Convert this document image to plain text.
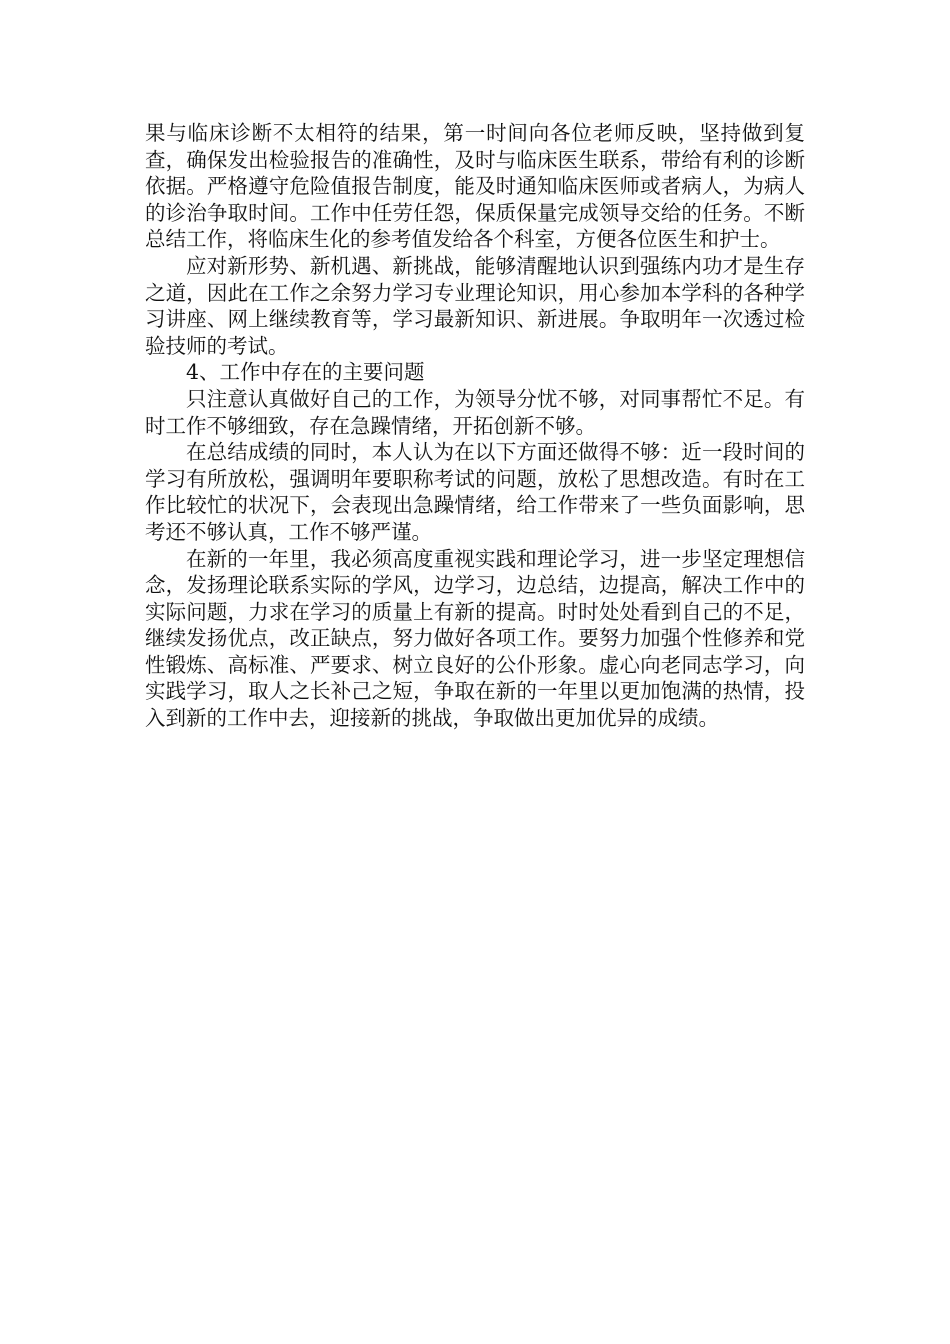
果与临床诊断不太相符的结果，第一时间向各位老师反映，坚持做到复查，确保发出检验报告的准确性，及时与临床医生联系，带给有利的诊断依据。严格遵守危险值报告制度，能及时通知临床医师或者病人，为病人的诊治争取时间。工作中任劳任怨，保质保量完成领导交给的任务。不断总结工作，将临床生化的参考值发给各个科室，方便各位医生和护士。

应对新形势、新机遇、新挑战，能够清醒地认识到强练内功才是生存之道，因此在工作之余努力学习专业理论知识，用心参加本学科的各种学习讲座、网上继续教育等，学习最新知识、新进展。争取明年一次透过检验技师的考试。

4、工作中存在的主要问题

只注意认真做好自己的工作，为领导分忧不够，对同事帮忙不足。有时工作不够细致，存在急躁情绪，开拓创新不够。

在总结成绩的同时，本人认为在以下方面还做得不够：近一段时间的学习有所放松，强调明年要职称考试的问题，放松了思想改造。有时在工作比较忙的状况下，会表现出急躁情绪，给工作带来了一些负面影响，思考还不够认真，工作不够严谨。

在新的一年里，我必须高度重视实践和理论学习，进一步坚定理想信念，发扬理论联系实际的学风，边学习，边总结，边提高，解决工作中的实际问题，力求在学习的质量上有新的提高。时时处处看到自己的不足，继续发扬优点，改正缺点，努力做好各项工作。要努力加强个性修养和党性锻炼、高标准、严要求、树立良好的公仆形象。虚心向老同志学习，向实践学习，取人之长补己之短，争取在新的一年里以更加饱满的热情，投入到新的工作中去，迎接新的挑战，争取做出更加优异的成绩。
